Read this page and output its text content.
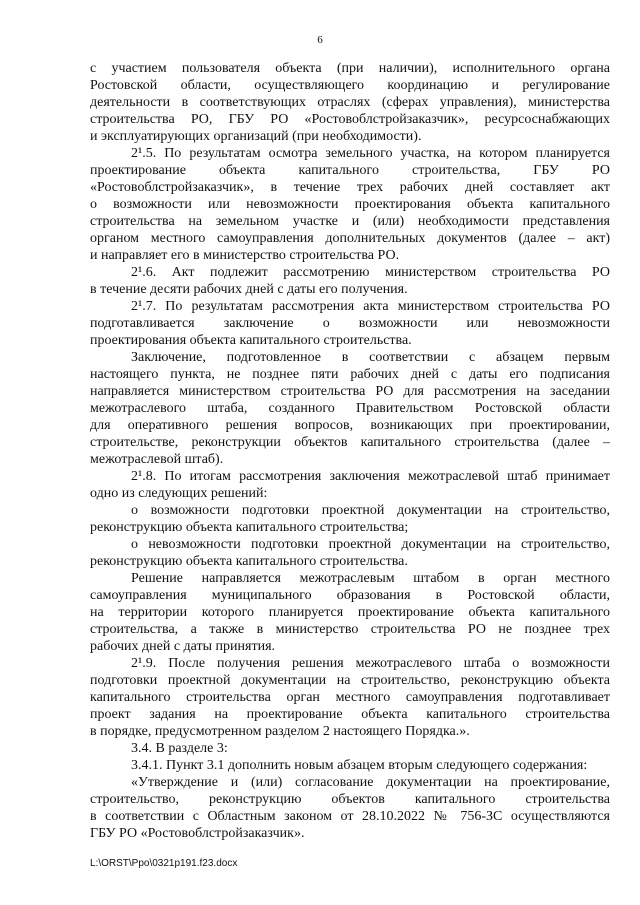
6
с участием пользователя объекта (при наличии), исполнительного органа
Ростовской области, осуществляющего координацию и регулирование
деятельности в соответствующих отраслях (сферах управления), министерства
строительства РО, ГБУ РО «Ростовоблстройзаказчик», ресурсоснабжающих
и эксплуатирующих организаций (при необходимости).
2¹.5. По результатам осмотра земельного участка, на котором планируется
проектирование объекта капитального строительства, ГБУ РО
«Ростовоблстройзаказчик», в течение трех рабочих дней составляет акт
о возможности или невозможности проектирования объекта капитального
строительства на земельном участке и (или) необходимости представления
органом местного самоуправления дополнительных документов (далее – акт)
и направляет его в министерство строительства РО.
2¹.6. Акт подлежит рассмотрению министерством строительства РО
в течение десяти рабочих дней с даты его получения.
2¹.7. По результатам рассмотрения акта министерством строительства РО
подготавливается заключение о возможности или невозможности
проектирования объекта капитального строительства.
Заключение, подготовленное в соответствии с абзацем первым
настоящего пункта, не позднее пяти рабочих дней с даты его подписания
направляется министерством строительства РО для рассмотрения на заседании
межотраслевого штаба, созданного Правительством Ростовской области
для оперативного решения вопросов, возникающих при проектировании,
строительстве, реконструкции объектов капитального строительства (далее –
межотраслевой штаб).
2¹.8. По итогам рассмотрения заключения межотраслевой штаб принимает
одно из следующих решений:
о возможности подготовки проектной документации на строительство,
реконструкцию объекта капитального строительства;
о невозможности подготовки проектной документации на строительство,
реконструкцию объекта капитального строительства.
Решение направляется межотраслевым штабом в орган местного
самоуправления муниципального образования в Ростовской области,
на территории которого планируется проектирование объекта капитального
строительства, а также в министерство строительства РО не позднее трех
рабочих дней с даты принятия.
2¹.9. После получения решения межотраслевого штаба о возможности
подготовки проектной документации на строительство, реконструкцию объекта
капитального строительства орган местного самоуправления подготавливает
проект задания на проектирование объекта капитального строительства
в порядке, предусмотренном разделом 2 настоящего Порядка.».
3.4. В разделе 3:
3.4.1. Пункт 3.1 дополнить новым абзацем вторым следующего содержания:
«Утверждение и (или) согласование документации на проектирование,
строительство, реконструкцию объектов капитального строительства
в соответствии с Областным законом от 28.10.2022 № 756-ЗС осуществляются
ГБУ РО «Ростовоблстройзаказчик».
L:\ORST\Ppo\0321p191.f23.docx
